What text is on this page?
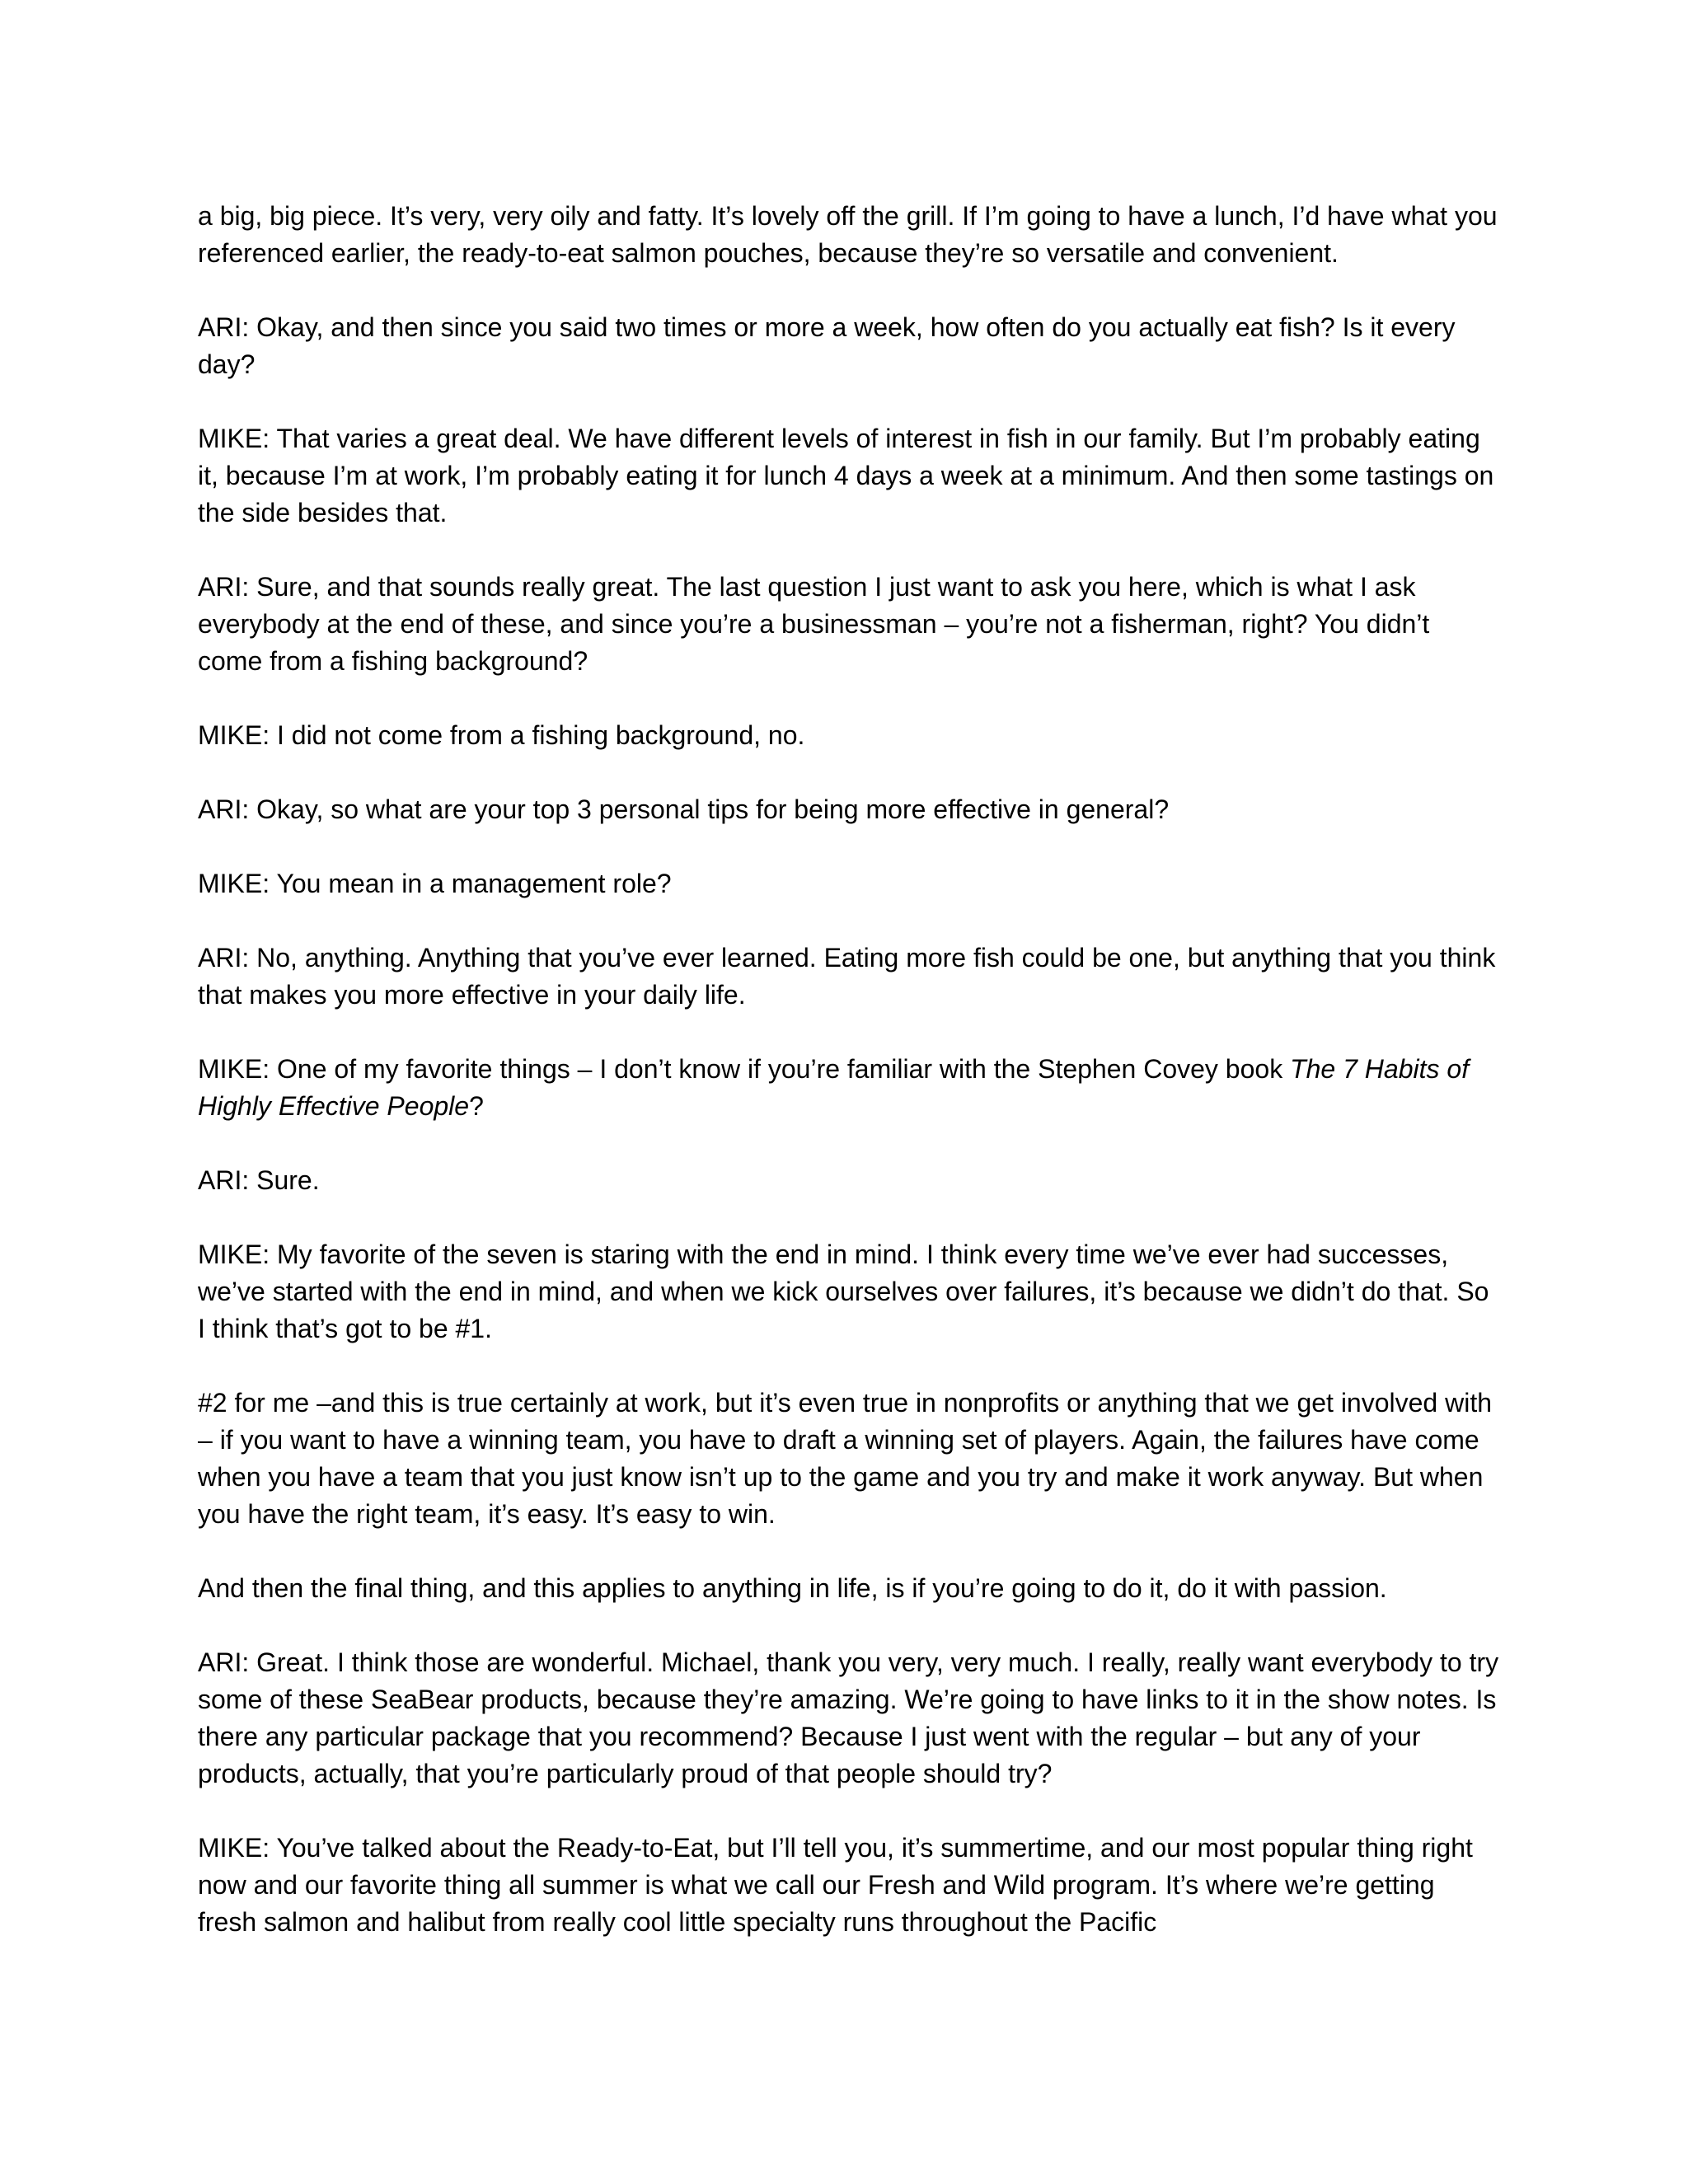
a big, big piece. It’s very, very oily and fatty. It’s lovely off the grill. If I’m going to have a lunch, I’d have what you referenced earlier, the ready-to-eat salmon pouches, because they’re so versatile and convenient.

ARI: Okay, and then since you said two times or more a week, how often do you actually eat fish? Is it every day?

MIKE: That varies a great deal. We have different levels of interest in fish in our family. But I’m probably eating it, because I’m at work, I’m probably eating it for lunch 4 days a week at a minimum. And then some tastings on the side besides that.

ARI: Sure, and that sounds really great. The last question I just want to ask you here, which is what I ask everybody at the end of these, and since you’re a businessman – you’re not a fisherman, right? You didn’t come from a fishing background?

MIKE: I did not come from a fishing background, no.

ARI: Okay, so what are your top 3 personal tips for being more effective in general?

MIKE: You mean in a management role?

ARI: No, anything. Anything that you’ve ever learned. Eating more fish could be one, but anything that you think that makes you more effective in your daily life.

MIKE: One of my favorite things – I don’t know if you’re familiar with the Stephen Covey book The 7 Habits of Highly Effective People?

ARI: Sure.

MIKE: My favorite of the seven is staring with the end in mind. I think every time we’ve ever had successes, we’ve started with the end in mind, and when we kick ourselves over failures, it’s because we didn’t do that. So I think that’s got to be #1.

#2 for me –and this is true certainly at work, but it’s even true in nonprofits or anything that we get involved with – if you want to have a winning team, you have to draft a winning set of players. Again, the failures have come when you have a team that you just know isn’t up to the game and you try and make it work anyway. But when you have the right team, it’s easy. It’s easy to win.

And then the final thing, and this applies to anything in life, is if you’re going to do it, do it with passion.

ARI: Great. I think those are wonderful. Michael, thank you very, very much. I really, really want everybody to try some of these SeaBear products, because they’re amazing. We’re going to have links to it in the show notes. Is there any particular package that you recommend? Because I just went with the regular – but any of your products, actually, that you’re particularly proud of that people should try?

MIKE: You’ve talked about the Ready-to-Eat, but I’ll tell you, it’s summertime, and our most popular thing right now and our favorite thing all summer is what we call our Fresh and Wild program. It’s where we’re getting fresh salmon and halibut from really cool little specialty runs throughout the Pacific
